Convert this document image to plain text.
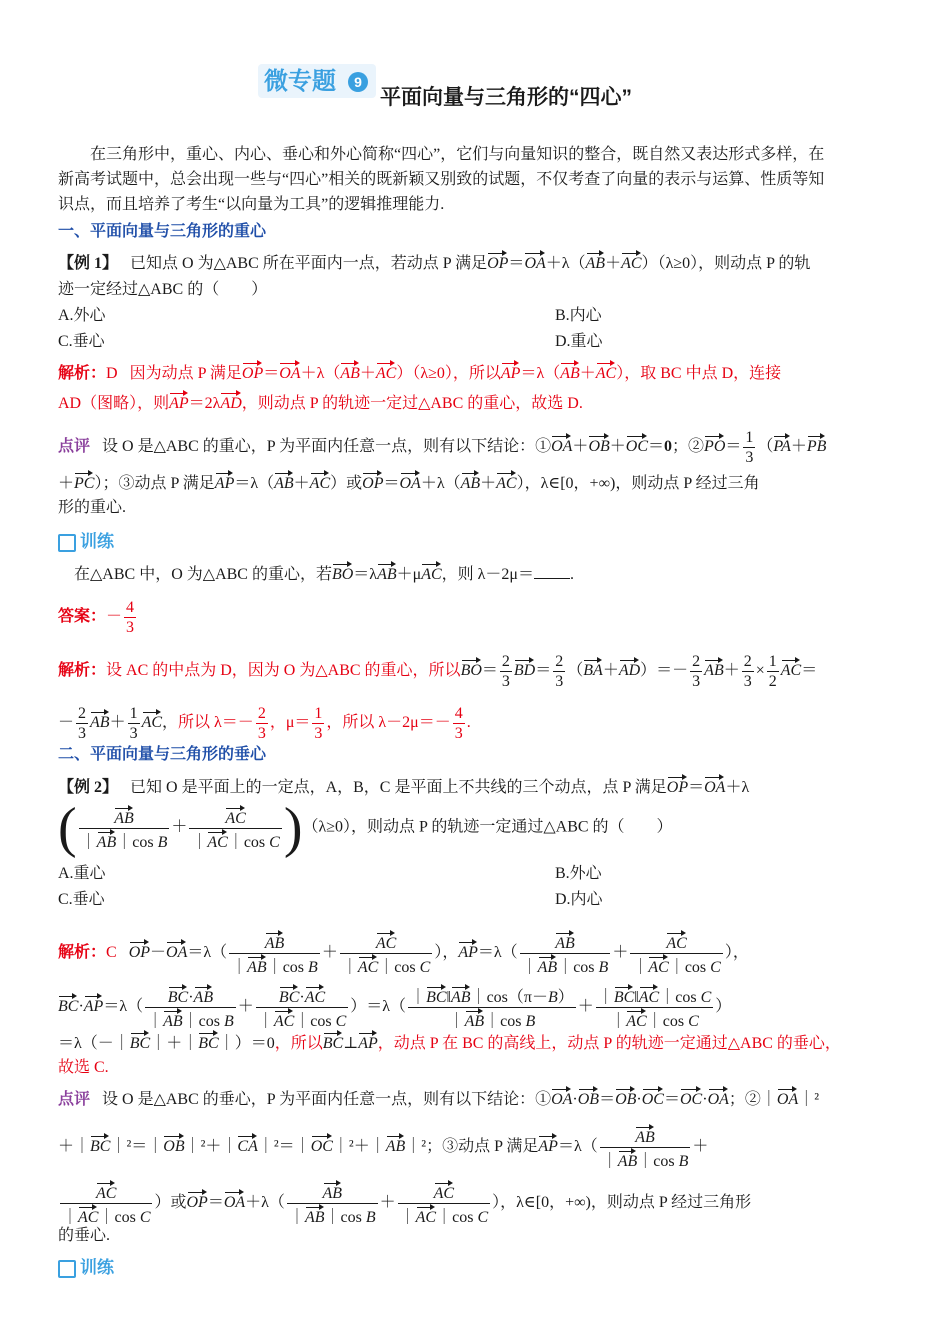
微专题	9
平面向量与三角形的“四心”
在三角形中，重心、内心、垂心和外心简称“四心”，它们与向量知识的整合，既自然又表达形式多样，在
新高考试题中，总会出现一些与“四心”相关的既新颖又别致的试题，不仅考查了向量的表示与运算、性质等知
识点，而且培养了考生“以向量为工具”的逻辑推理能力.
一、平面向量与三角形的重心
【例 1】 已知点 O 为△ABC 所在平面内一点，若动点 P 满足OP＝OA＋λ（AB＋AC）（λ≥0），则动点 P 的轨
迹一定经过△ABC 的（　　）
A.外心	B.内心
C.垂心	D.重心
解析：D 因为动点 P 满足OP＝OA＋λ（AB＋AC）（λ≥0），所以AP＝λ（AB＋AC），取 BC 中点 D，连接
AD（图略），则AP＝2λAD，则动点 P 的轨迹一定过△ABC 的重心，故选 D.
点评 设 O 是△ABC 的重心，P 为平面内任意一点，则有以下结论：①OA＋OB＋OC＝0；②PO＝ $\frac{1}{3} (PA+PB$
＋PC）；③动点 P 满足AP＝λ（AB＋AC）或OP＝OA＋λ（AB＋AC），λ∈[0，+∞)，则动点 P 经过三角
形的重心.
训练
在△ABC 中，O 为△ABC 的重心，若BO＝λAB＋μAC，则 λ－2μ＝ .
答案：－ $\frac{4}{3}$
解析：设 AC 的中点为 D，因为 O 为△ABC 的重心，所以$BO= \frac{2}{3} BD= \frac{2}{3} (BA+AD)=- \frac{2}{3} AB+ \frac{2}{3} \times \frac{1}{2} AC=$
－ $\frac{2}{3} AB+ \frac{1}{3}$ AC，所以 $\lambda=- \frac{2}{3}$ ，$\mu= \frac{1}{3}$ ，所以 $\lambda-2\mu=- \frac{4}{3}$ .
二、平面向量与三角形的垂心
【例 2】 已知 O 是平面上的一定点，A，B，C 是平面上不共线的三个动点，点 P 满足OP＝OA＋λ
( $\frac{AB}{\text{｜AB｜cos B}} + \frac{AC}{\text{｜AC｜cos C}} )(\lambda\ge 0)$，则动点 P 的轨迹一定通过△ABC 的（　　）
A.重心	B.外心
C.垂心	D.内心
解析：C $OP-OA=\lambda( \frac{AB}{\text{｜AB｜cos B}} + \frac{AC}{\text{｜AC｜cos C}}$ ），$AP=\lambda( \frac{AB}{\text{｜AB｜cos B}} + \frac{AC}{\text{｜AC｜cos C}}$ ），
$BC\cdot AP=\lambda( \frac{BC\cdot AB}{\text{｜AB｜cos B}} + \frac{BC\cdot AC}{\text{｜AC｜cos C}} )=\lambda( \frac{|BC‖AB|\cos(\pi-B)}{\text{｜AB｜cos B}} + \frac{\text{｜BC‖AC｜cos C}}{\text{｜AC｜cos C}}$ ）
＝λ（－｜BC｜＋｜BC｜）＝0，所以BC⊥AP，动点 P 在 BC 的高线上，动点 P 的轨迹一定通过△ABC 的垂心，
故选 C.
点评 设 O 是△ABC 的垂心，P 为平面内任意一点，则有以下结论：①OA·OB＝OB·OC＝OC·OA；②｜OA｜²
＋｜BC｜²＝｜OB｜²＋｜CA｜²＝｜OC｜²＋｜AB｜²；③动点 P 满足$AP=\lambda( \frac{AB}{\text{｜AB｜cos B}}$ ＋
$\frac{AC}{\text{｜AC｜cos C}}$ ）或$OP=OA+\lambda( \frac{AB}{\text{｜AB｜cos B}} + \frac{AC}{\text{｜AC｜cos C}}$ ），λ∈[0，+∞)，则动点 P 经过三角形
的垂心.
训练
